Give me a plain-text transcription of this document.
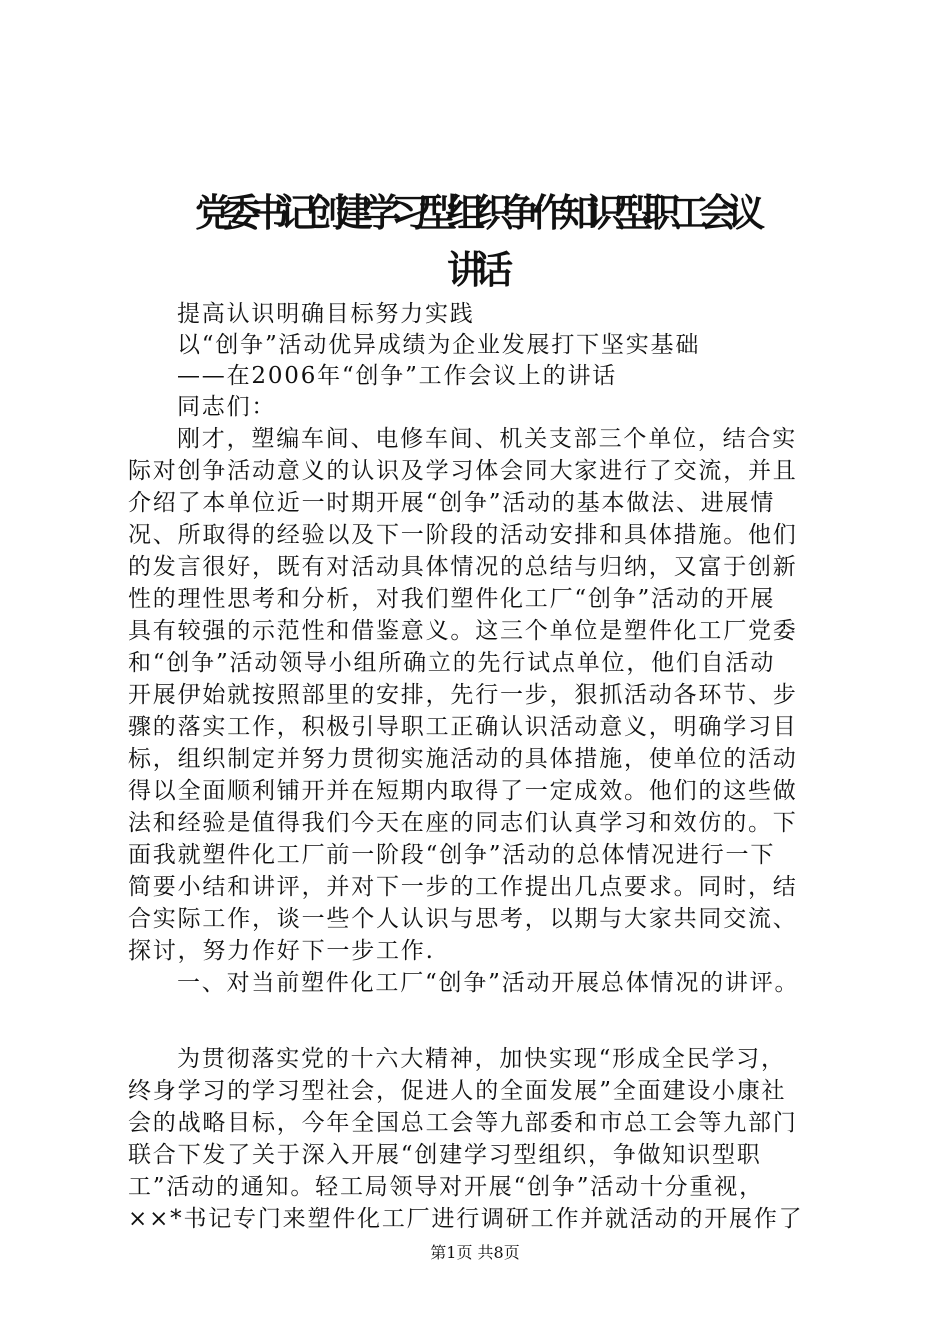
党委书记创建学习型组织争作知识型职工会议
讲话
提高认识明确目标努力实践
以“创争”活动优异成绩为企业发展打下坚实基础
——在2006年“创争”工作会议上的讲话
同志们：
刚才，塑编车间、电修车间、机关支部三个单位，结合实
际对创争活动意义的认识及学习体会同大家进行了交流，并且
介绍了本单位近一时期开展“创争”活动的基本做法、进展情
况、所取得的经验以及下一阶段的活动安排和具体措施。他们
的发言很好，既有对活动具体情况的总结与归纳，又富于创新
性的理性思考和分析，对我们塑件化工厂“创争”活动的开展
具有较强的示范性和借鉴意义。这三个单位是塑件化工厂党委
和“创争”活动领导小组所确立的先行试点单位，他们自活动
开展伊始就按照部里的安排，先行一步，狠抓活动各环节、步
骤的落实工作，积极引导职工正确认识活动意义，明确学习目
标，组织制定并努力贯彻实施活动的具体措施，使单位的活动
得以全面顺利铺开并在短期内取得了一定成效。他们的这些做
法和经验是值得我们今天在座的同志们认真学习和效仿的。下
面我就塑件化工厂前一阶段“创争”活动的总体情况进行一下
简要小结和讲评，并对下一步的工作提出几点要求。同时，结
合实际工作，谈一些个人认识与思考，以期与大家共同交流、
探讨，努力作好下一步工作.
一、对当前塑件化工厂“创争”活动开展总体情况的讲评。
为贯彻落实党的十六大精神，加快实现“形成全民学习，
终身学习的学习型社会，促进人的全面发展”全面建设小康社
会的战略目标，今年全国总工会等九部委和市总工会等九部门
联合下发了关于深入开展“创建学习型组织，争做知识型职
工”活动的通知。轻工局领导对开展“创争”活动十分重视，
××*书记专门来塑件化工厂进行调研工作并就活动的开展作了
第1页 共8页
